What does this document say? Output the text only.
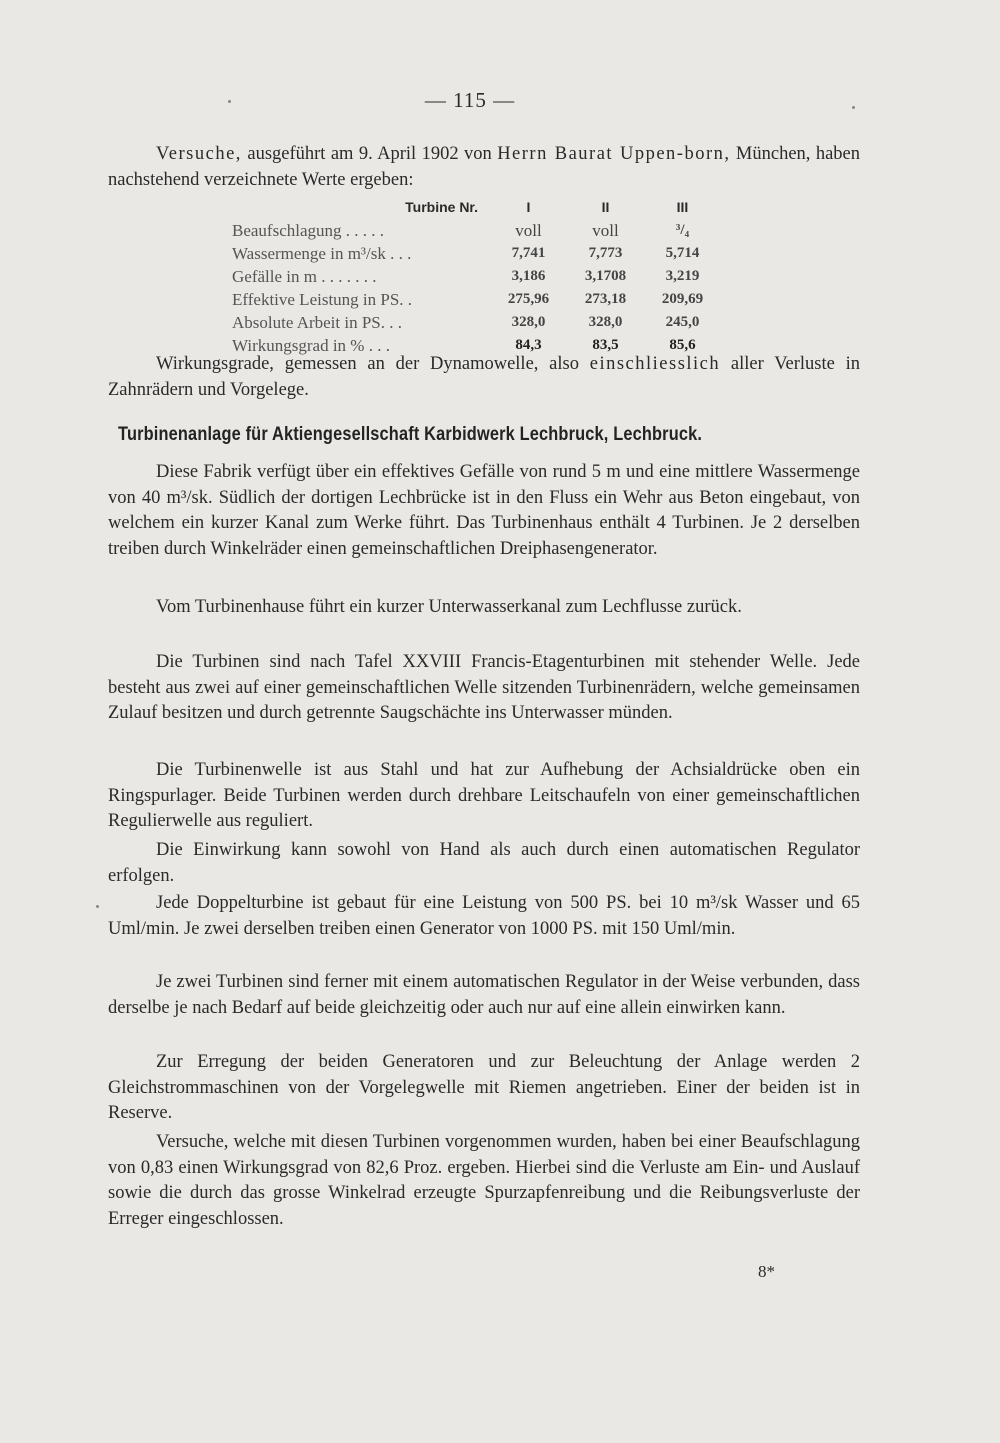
— 115 —
Versuche, ausgeführt am 9. April 1902 von Herrn Baurat Uppen-born, München, haben nachstehend verzeichnete Werte ergeben:
Turbine Nr.	I	II	III
Beaufschlagung . . . . .	voll	voll	³/₄
Wassermenge in m³/sk . . .	7,741	7,773	5,714
Gefälle in m . . . . . . .	3,186	3,1708	3,219
Effektive Leistung in PS. .	275,96	273,18	209,69
Absolute Arbeit in PS. . .	328,0	328,0	245,0
Wirkungsgrad in % . . .	84,3	83,5	85,6
Wirkungsgrade, gemessen an der Dynamowelle, also einschliesslich aller Verluste in Zahnrädern und Vorgelege.
Turbinenanlage für Aktiengesellschaft Karbidwerk Lechbruck, Lechbruck.
Diese Fabrik verfügt über ein effektives Gefälle von rund 5 m und eine mittlere Wassermenge von 40 m³/sk. Südlich der dortigen Lechbrücke ist in den Fluss ein Wehr aus Beton eingebaut, von welchem ein kurzer Kanal zum Werke führt. Das Turbinenhaus enthält 4 Turbinen. Je 2 derselben treiben durch Winkelräder einen gemeinschaftlichen Dreiphasengenerator.
Vom Turbinenhause führt ein kurzer Unterwasserkanal zum Lechflusse zurück.
Die Turbinen sind nach Tafel XXVIII Francis-Etagenturbinen mit stehender Welle. Jede besteht aus zwei auf einer gemeinschaftlichen Welle sitzenden Turbinenrädern, welche gemeinsamen Zulauf besitzen und durch getrennte Saugschächte ins Unterwasser münden.
Die Turbinenwelle ist aus Stahl und hat zur Aufhebung der Achsialdrücke oben ein Ringspurlager. Beide Turbinen werden durch drehbare Leitschaufeln von einer gemeinschaftlichen Regulierwelle aus reguliert.
Die Einwirkung kann sowohl von Hand als auch durch einen automatischen Regulator erfolgen.
Jede Doppelturbine ist gebaut für eine Leistung von 500 PS. bei 10 m³/sk Wasser und 65 Uml/min. Je zwei derselben treiben einen Generator von 1000 PS. mit 150 Uml/min.
Je zwei Turbinen sind ferner mit einem automatischen Regulator in der Weise verbunden, dass derselbe je nach Bedarf auf beide gleichzeitig oder auch nur auf eine allein einwirken kann.
Zur Erregung der beiden Generatoren und zur Beleuchtung der Anlage werden 2 Gleichstrommaschinen von der Vorgelegwelle mit Riemen angetrieben. Einer der beiden ist in Reserve.
Versuche, welche mit diesen Turbinen vorgenommen wurden, haben bei einer Beaufschlagung von 0,83 einen Wirkungsgrad von 82,6 Proz. ergeben. Hierbei sind die Verluste am Ein- und Auslauf sowie die durch das grosse Winkelrad erzeugte Spurzapfenreibung und die Reibungsverluste der Erreger eingeschlossen.
8*
